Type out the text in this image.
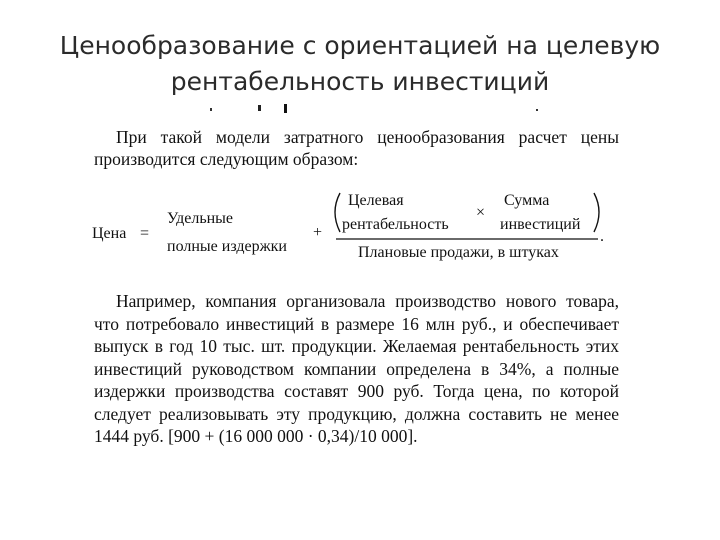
Ценообразование с ориентацией на целевую
рентабельность инвестиций

При такой модели затратного ценообразования расчет цены производится следующим образом:

Цена =
Удельные
полные издержки
+
Целевая
рентабельность
×
Сумма
инвестиций
Плановые продажи, в штуках
.

Например, компания организовала производство нового товара, что потребовало инвестиций в размере 16 млн руб., и обеспечивает выпуск в год 10 тыс. шт. продукции. Желаемая рентабельность этих инвестиций руководством компании определена в 34%, а полные издержки производства составят 900 руб. Тогда цена, по которой следует реализовывать эту продукцию, должна составить не менее 1444 руб. [900 + (16 000 000 · 0,34)/10 000].
